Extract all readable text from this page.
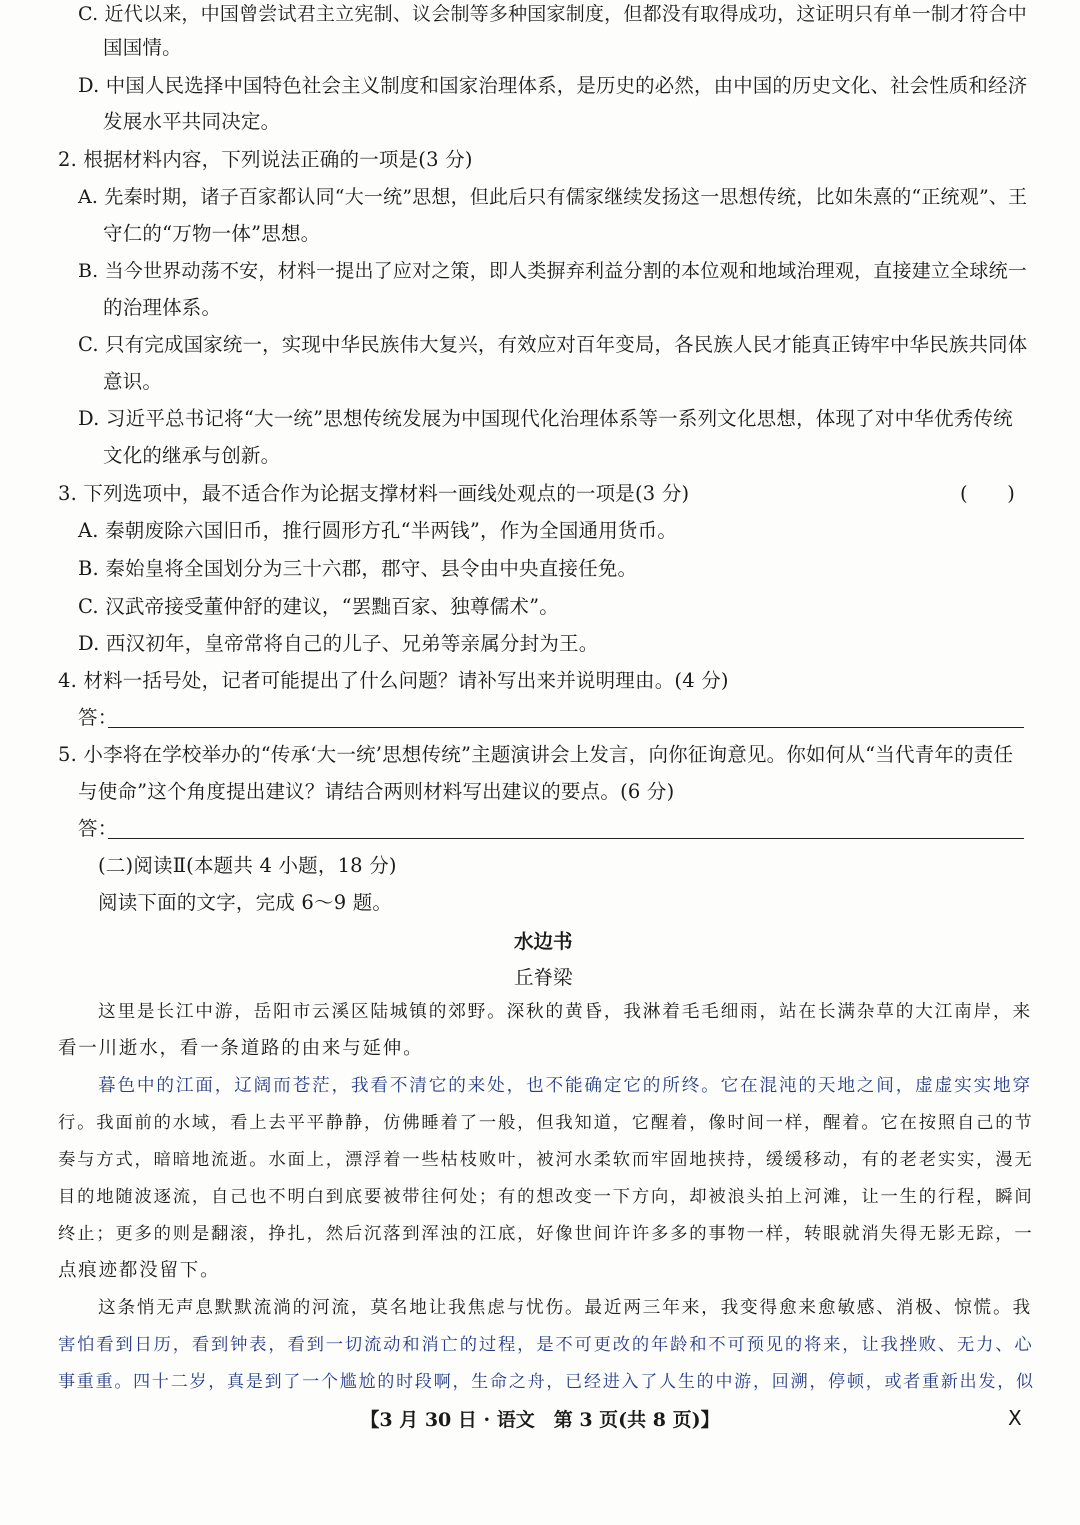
C. 近代以来，中国曾尝试君主立宪制、议会制等多种国家制度，但都没有取得成功，这证明只有单一制才符合中
国国情。
D. 中国人民选择中国特色社会主义制度和国家治理体系，是历史的必然，由中国的历史文化、社会性质和经济
发展水平共同决定。
2. 根据材料内容，下列说法正确的一项是(3 分)
A. 先秦时期，诸子百家都认同“大一统”思想，但此后只有儒家继续发扬这一思想传统，比如朱熹的“正统观”、王
守仁的“万物一体”思想。
B. 当今世界动荡不安，材料一提出了应对之策，即人类摒弃利益分割的本位观和地域治理观，直接建立全球统一
的治理体系。
C. 只有完成国家统一，实现中华民族伟大复兴，有效应对百年变局，各民族人民才能真正铸牢中华民族共同体
意识。
D. 习近平总书记将“大一统”思想传统发展为中国现代化治理体系等一系列文化思想，体现了对中华优秀传统
文化的继承与创新。
3. 下列选项中，最不适合作为论据支撑材料一画线处观点的一项是(3 分)	(　　)
A. 秦朝废除六国旧币，推行圆形方孔“半两钱”，作为全国通用货币。
B. 秦始皇将全国划分为三十六郡，郡守、县令由中央直接任免。
C. 汉武帝接受董仲舒的建议，“罢黜百家、独尊儒术”。
D. 西汉初年，皇帝常将自己的儿子、兄弟等亲属分封为王。
4. 材料一括号处，记者可能提出了什么问题？请补写出来并说明理由。(4 分)
答：
5. 小李将在学校举办的“传承‘大一统’思想传统”主题演讲会上发言，向你征询意见。你如何从“当代青年的责任
与使命”这个角度提出建议？请结合两则材料写出建议的要点。(6 分)
答：
(二)阅读Ⅱ(本题共 4 小题，18 分)
阅读下面的文字，完成 6～9 题。
水边书
丘脊梁
这里是长江中游，岳阳市云溪区陆城镇的郊野。深秋的黄昏，我淋着毛毛细雨，站在长满杂草的大江南岸，来
看一川逝水，看一条道路的由来与延伸。
暮色中的江面，辽阔而苍茫，我看不清它的来处，也不能确定它的所终。它在混沌的天地之间，虚虚实实地穿
行。我面前的水域，看上去平平静静，仿佛睡着了一般，但我知道，它醒着，像时间一样，醒着。它在按照自己的节
奏与方式，暗暗地流逝。水面上，漂浮着一些枯枝败叶，被河水柔软而牢固地挟持，缓缓移动，有的老老实实，漫无
目的地随波逐流，自己也不明白到底要被带往何处；有的想改变一下方向，却被浪头拍上河滩，让一生的行程，瞬间
终止；更多的则是翻滚，挣扎，然后沉落到浑浊的江底，好像世间许许多多的事物一样，转眼就消失得无影无踪，一
点痕迹都没留下。
这条悄无声息默默流淌的河流，莫名地让我焦虑与忧伤。最近两三年来，我变得愈来愈敏感、消极、惊慌。我
害怕看到日历，看到钟表，看到一切流动和消亡的过程，是不可更改的年龄和不可预见的将来，让我挫败、无力、心
事重重。四十二岁，真是到了一个尴尬的时段啊，生命之舟，已经进入了人生的中游，回溯，停顿，或者重新出发，似
【3 月 30 日 · 语文　第 3 页(共 8 页)】	X
